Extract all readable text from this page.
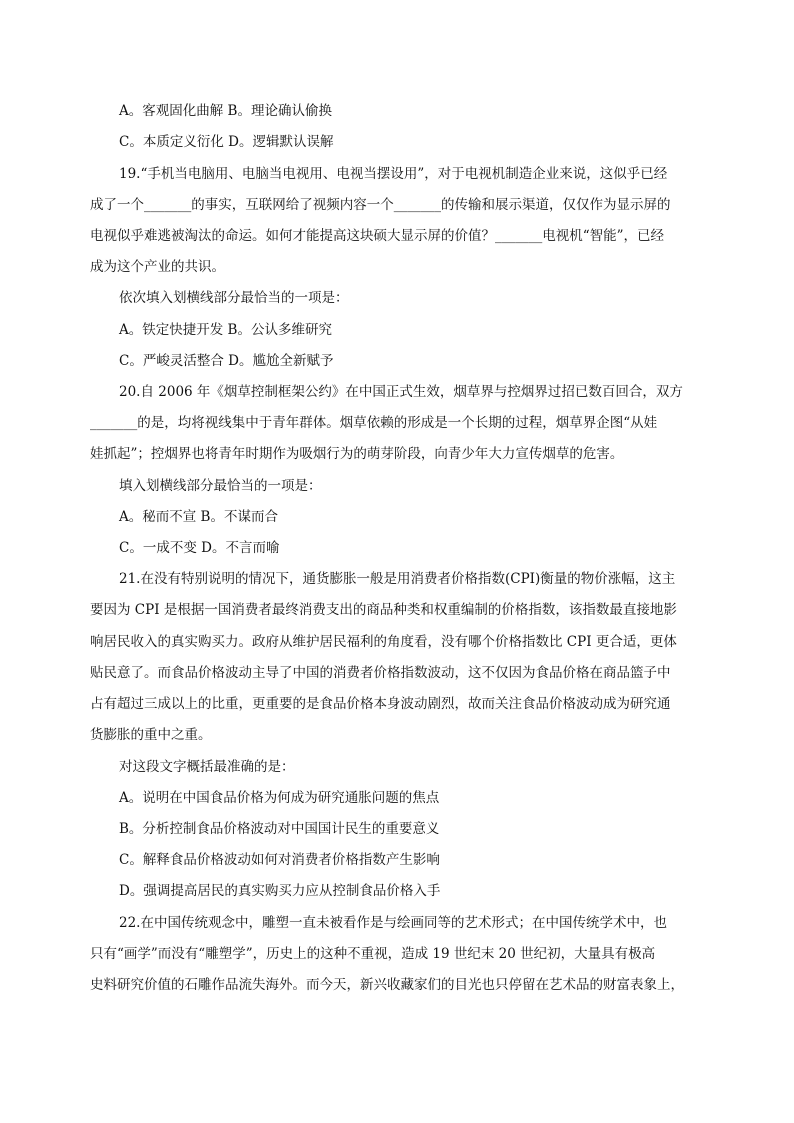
A。客观固化曲解 B。理论确认偷换
C。本质定义衍化 D。逻辑默认误解
19.“手机当电脑用、电脑当电视用、电视当摆设用”，对于电视机制造企业来说，这似乎已经
成了一个_______的事实，互联网给了视频内容一个_______的传输和展示渠道，仅仅作为显示屏的
电视似乎难逃被淘汰的命运。如何才能提高这块硕大显示屏的价值？_______电视机“智能”，已经
成为这个产业的共识。
依次填入划横线部分最恰当的一项是：
A。铁定快捷开发 B。公认多维研究
C。严峻灵活整合 D。尴尬全新赋予
20.自 2006 年《烟草控制框架公约》在中国正式生效，烟草界与控烟界过招已数百回合，双方
_______的是，均将视线集中于青年群体。烟草依赖的形成是一个长期的过程，烟草界企图“从娃
娃抓起”；控烟界也将青年时期作为吸烟行为的萌芽阶段，向青少年大力宣传烟草的危害。
填入划横线部分最恰当的一项是：
A。秘而不宣 B。不谋而合
C。一成不变 D。不言而喻
21.在没有特别说明的情况下，通货膨胀一般是用消费者价格指数(CPI)衡量的物价涨幅，这主
要因为 CPI 是根据一国消费者最终消费支出的商品种类和权重编制的价格指数，该指数最直接地影
响居民收入的真实购买力。政府从维护居民福利的角度看，没有哪个价格指数比 CPI 更合适，更体
贴民意了。而食品价格波动主导了中国的消费者价格指数波动，这不仅因为食品价格在商品篮子中
占有超过三成以上的比重，更重要的是食品价格本身波动剧烈，故而关注食品价格波动成为研究通
货膨胀的重中之重。
对这段文字概括最准确的是：
A。说明在中国食品价格为何成为研究通胀问题的焦点
B。分析控制食品价格波动对中国国计民生的重要意义
C。解释食品价格波动如何对消费者价格指数产生影响
D。强调提高居民的真实购买力应从控制食品价格入手
22.在中国传统观念中，雕塑一直未被看作是与绘画同等的艺术形式；在中国传统学术中，也
只有“画学”而没有“雕塑学”，历史上的这种不重视，造成 19 世纪末 20 世纪初，大量具有极高
史料研究价值的石雕作品流失海外。而今天，新兴收藏家们的目光也只停留在艺术品的财富表象上，
